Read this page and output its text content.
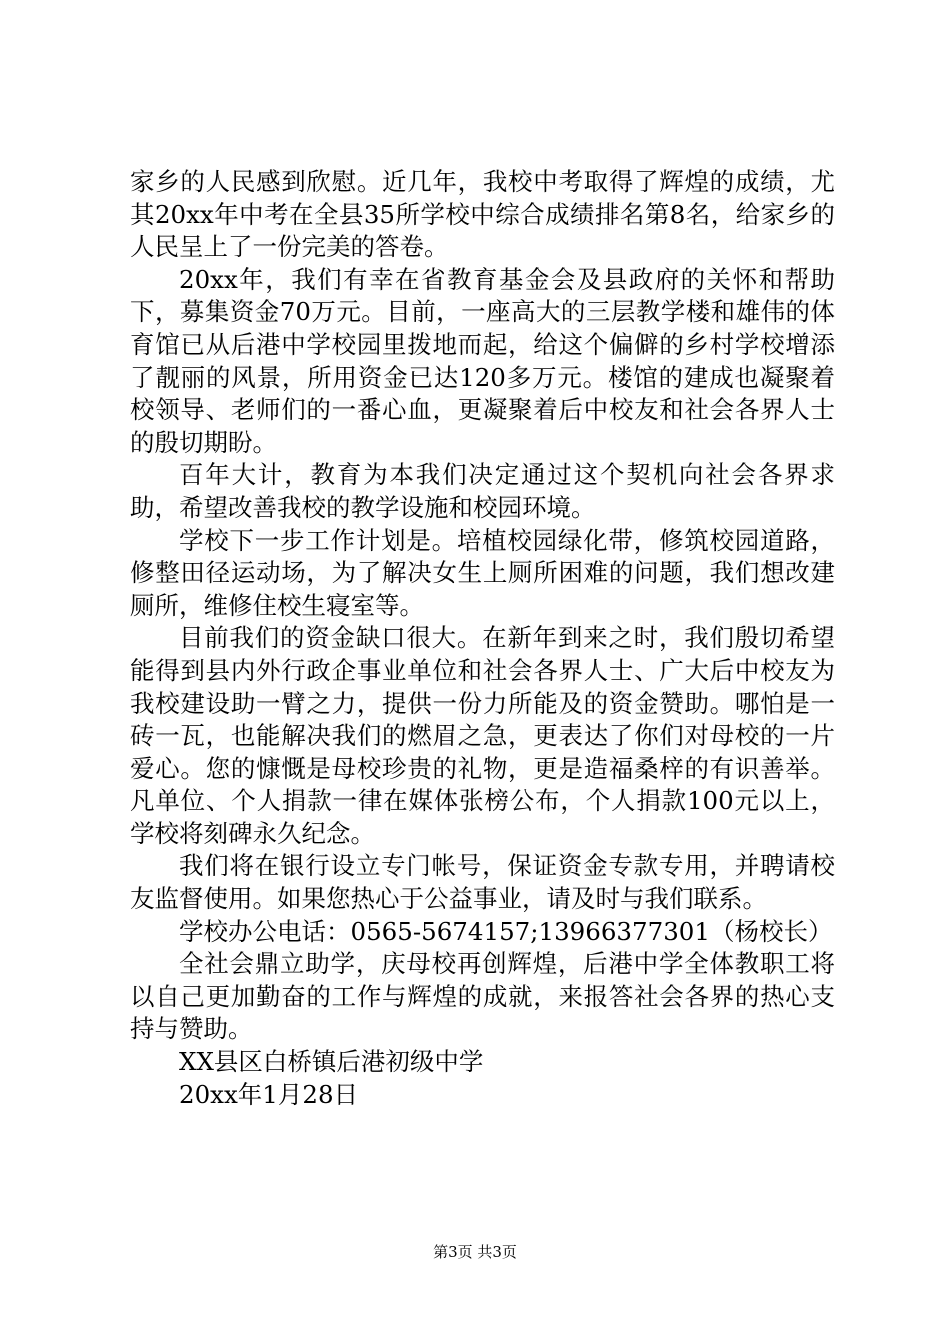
家乡的人民感到欣慰。近几年，我校中考取得了辉煌的成绩，尤其20xx年中考在全县35所学校中综合成绩排名第8名，给家乡的人民呈上了一份完美的答卷。

20xx年，我们有幸在省教育基金会及县政府的关怀和帮助下，募集资金70万元。目前，一座高大的三层教学楼和雄伟的体育馆已从后港中学校园里拨地而起，给这个偏僻的乡村学校增添了靓丽的风景，所用资金已达120多万元。楼馆的建成也凝聚着校领导、老师们的一番心血，更凝聚着后中校友和社会各界人士的殷切期盼。

百年大计，教育为本我们决定通过这个契机向社会各界求助，希望改善我校的教学设施和校园环境。

学校下一步工作计划是。培植校园绿化带，修筑校园道路，修整田径运动场，为了解决女生上厕所困难的问题，我们想改建厕所，维修住校生寝室等。

目前我们的资金缺口很大。在新年到来之时，我们殷切希望能得到县内外行政企事业单位和社会各界人士、广大后中校友为我校建设助一臂之力，提供一份力所能及的资金赞助。哪怕是一砖一瓦，也能解决我们的燃眉之急，更表达了你们对母校的一片爱心。您的慷慨是母校珍贵的礼物，更是造福桑梓的有识善举。凡单位、个人捐款一律在媒体张榜公布，个人捐款100元以上，学校将刻碑永久纪念。

我们将在银行设立专门帐号，保证资金专款专用，并聘请校友监督使用。如果您热心于公益事业，请及时与我们联系。

学校办公电话：0565-5674157;13966377301（杨校长）

全社会鼎立助学，庆母校再创辉煌，后港中学全体教职工将以自己更加勤奋的工作与辉煌的成就，来报答社会各界的热心支持与赞助。

XX县区白桥镇后港初级中学

20xx年1月28日

第3页 共3页
